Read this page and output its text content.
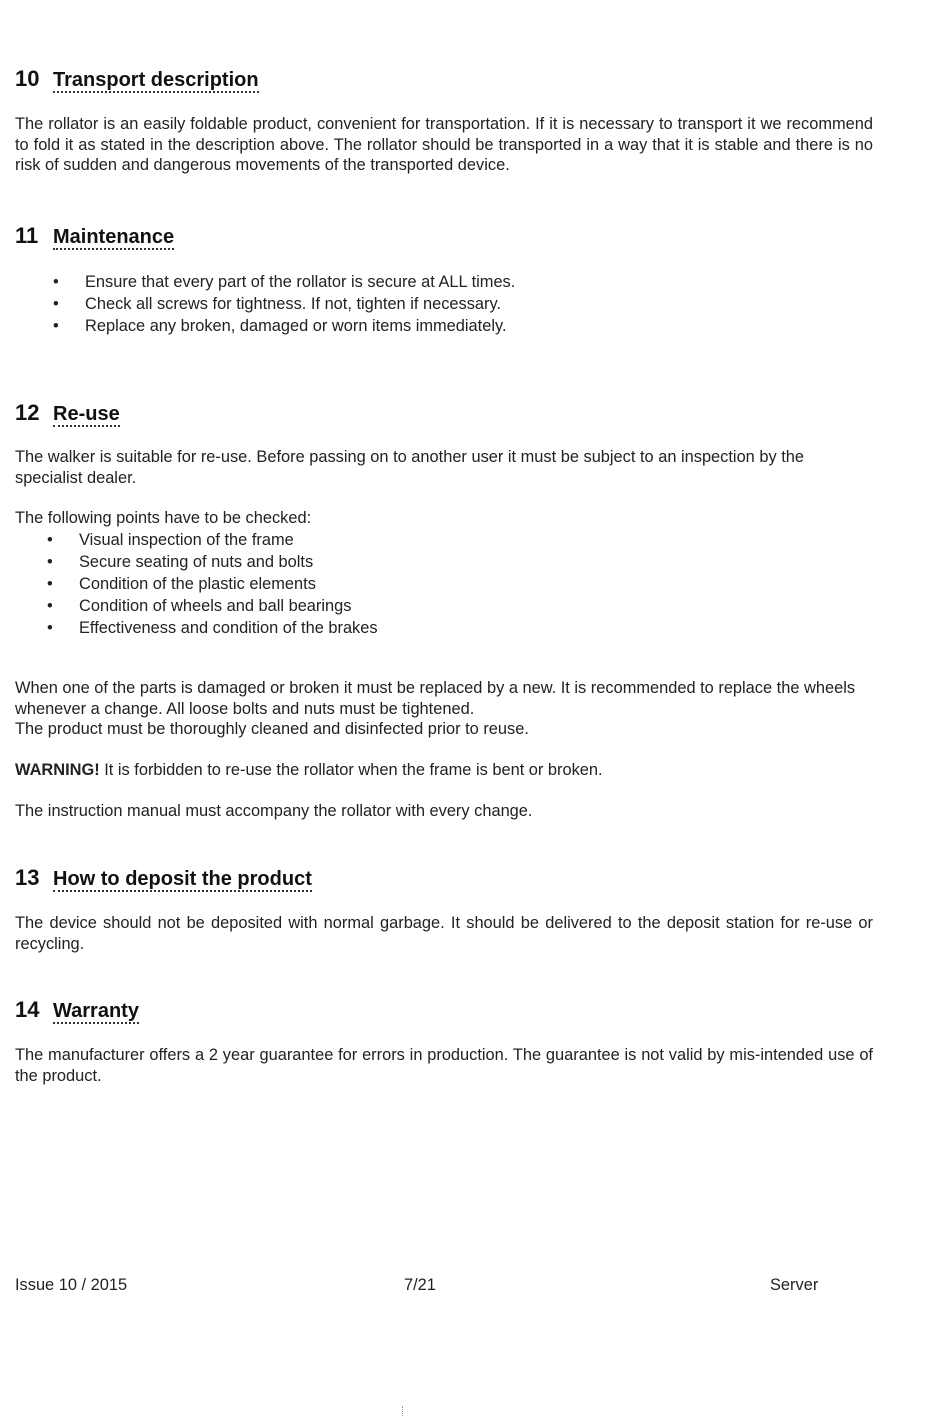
10 Transport description

The rollator is an easily foldable product, convenient for transportation. If it is necessary to transport it we recommend to fold it as stated in the description above. The rollator should be transported in a way that it is stable and there is no risk of sudden and dangerous movements of the transported device.

11 Maintenance
• Ensure that every part of the rollator is secure at ALL times.
• Check all screws for tightness. If not, tighten if necessary.
• Replace any broken, damaged or worn items immediately.
12 Re-use

The walker is suitable for re-use. Before passing on to another user it must be subject to an inspection by the specialist dealer.

The following points have to be checked:

• Visual inspection of the frame
• Secure seating of nuts and bolts
• Condition of the plastic elements
• Condition of wheels and ball bearings
• Effectiveness and condition of the brakes

When one of the parts is damaged or broken it must be replaced by a new. It is recommended to replace the wheels whenever a change. All loose bolts and nuts must be tightened.

The product must be thoroughly cleaned and disinfected prior to reuse.

WARNING! It is forbidden to re-use the rollator when the frame is bent or broken.

The instruction manual must accompany the rollator with every change.

13 How to deposit the product

The device should not be deposited with normal garbage. It should be delivered to the deposit station for re-use or recycling.

14 Warranty

The manufacturer offers a 2 year guarantee for errors in production. The guarantee is not valid by mis-intended use of the product.

Issue 10 / 2015	7/21	Server
